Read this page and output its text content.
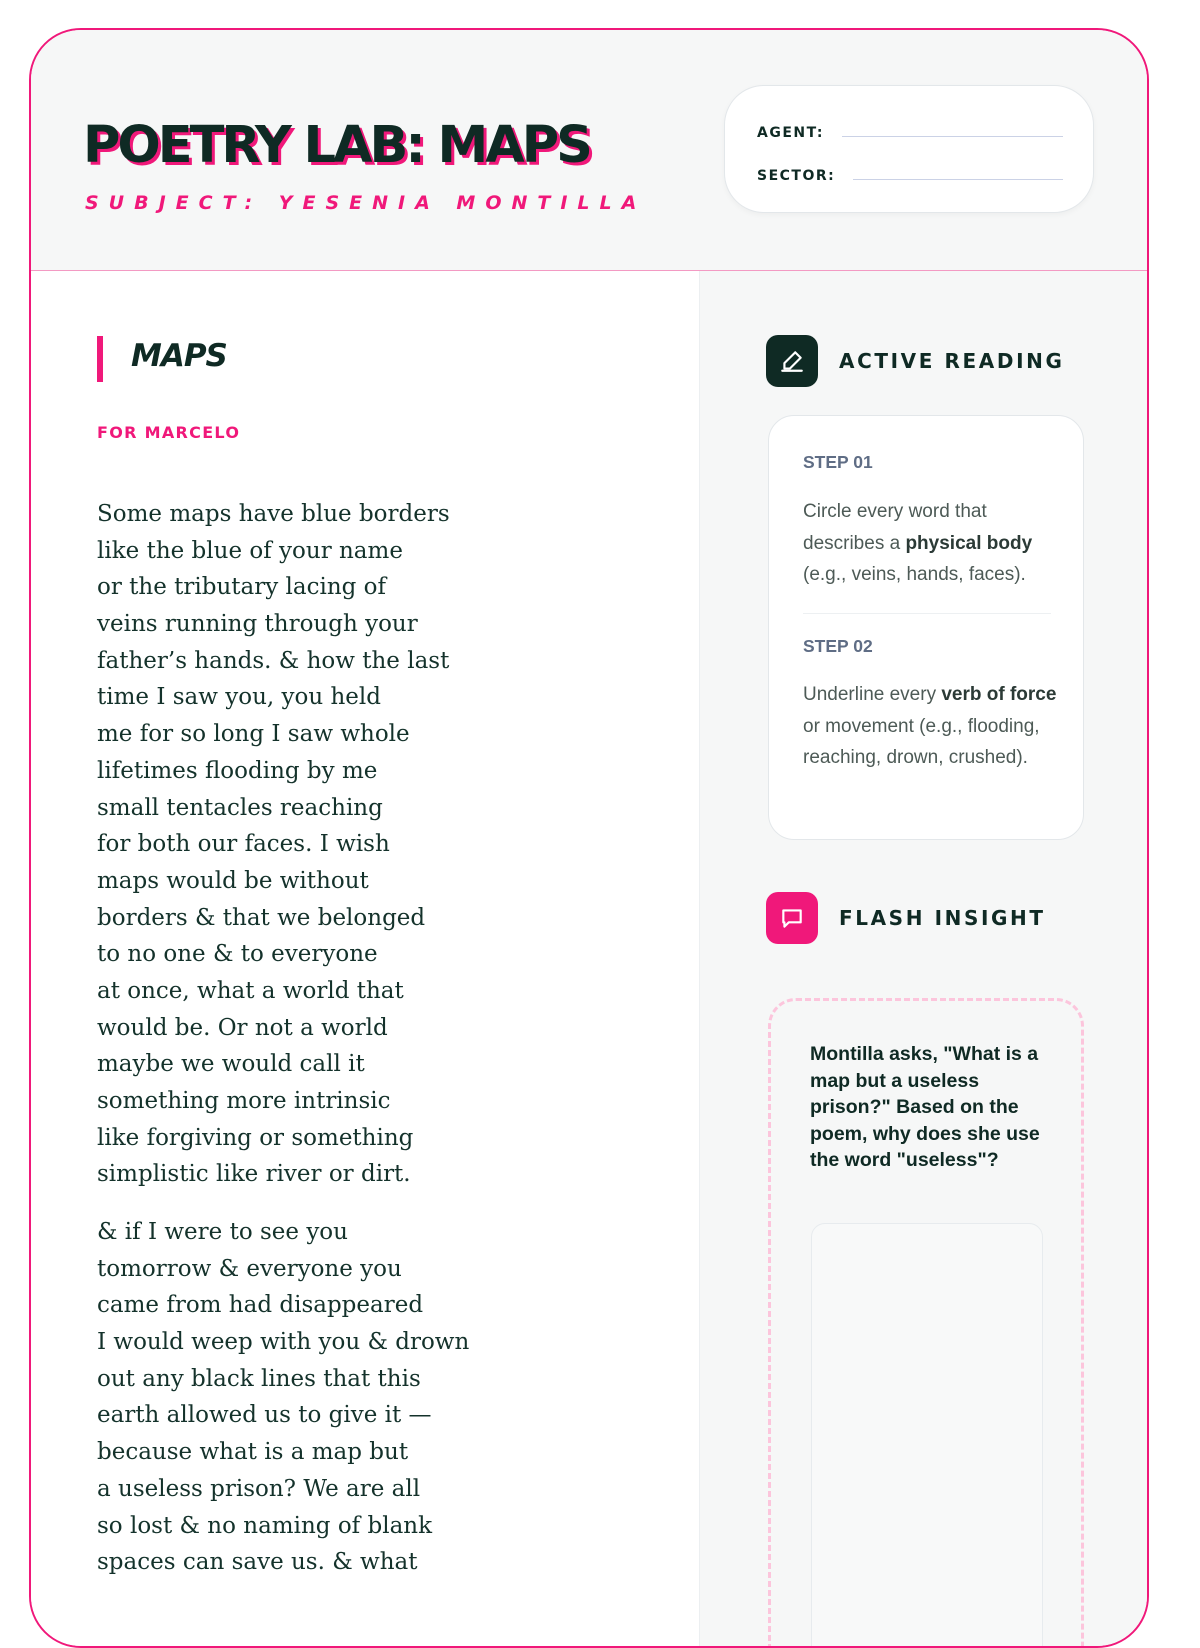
POETRY LAB: MAPS
SUBJECT: YESENIA MONTILLA
AGENT:
SECTOR:
MAPS
FOR MARCELO
Some maps have blue borders
like the blue of your name
or the tributary lacing of
veins running through your
father’s hands. & how the last
time I saw you, you held
me for so long I saw whole
lifetimes flooding by me
small tentacles reaching
for both our faces. I wish
maps would be without
borders & that we belonged
to no one & to everyone
at once, what a world that
would be. Or not a world
maybe we would call it
something more intrinsic
like forgiving or something
simplistic like river or dirt.
& if I were to see you
tomorrow & everyone you
came from had disappeared
I would weep with you & drown
out any black lines that this
earth allowed us to give it —
because what is a map but
a useless prison? We are all
so lost & no naming of blank
spaces can save us. & what
ACTIVE READING
STEP 01

Circle every word that describes a physical body (e.g., veins, hands, faces).

STEP 02

Underline every verb of force or movement (e.g., flooding, reaching, drown, crushed).

FLASH INSIGHT

Montilla asks, "What is a map but a useless prison?" Based on the poem, why does she use the word "useless"?
